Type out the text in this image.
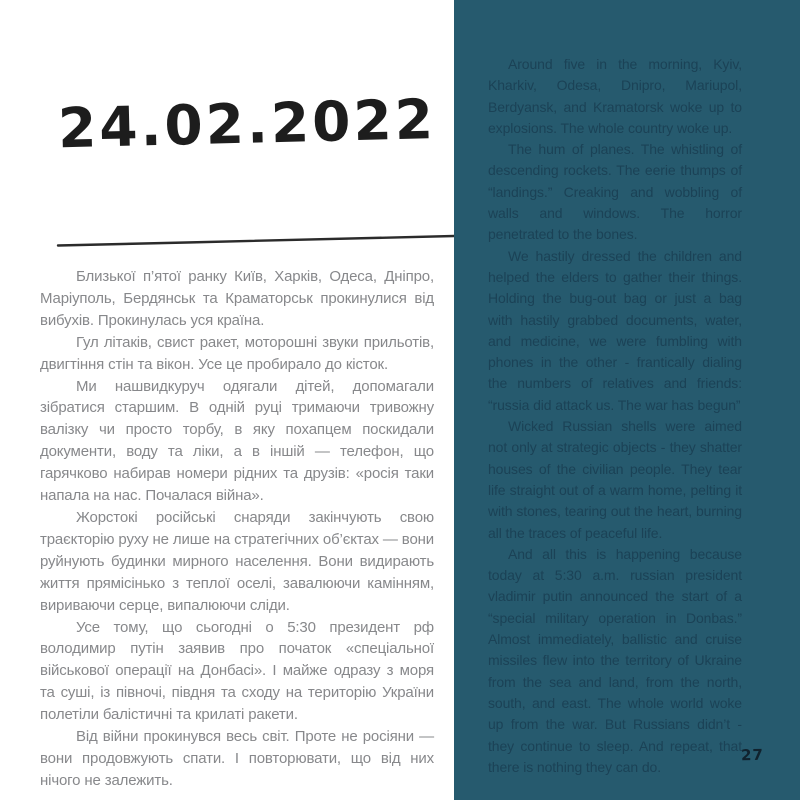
24.02.2022

Близької п’ятої ранку Київ, Харків, Одеса, Дніпро, Маріуполь, Бердянськ та Краматорськ прокинулися від вибухів. Прокинулась уся країна.

Гул літаків, свист ракет, моторошні звуки прильотів, двигтіння стін та вікон. Усе це пробирало до кісток.

Ми нашвидкуруч одягали дітей, допомагали зібратися старшим. В одній руці тримаючи тривожну валізку чи просто торбу, в яку похапцем поскидали документи, воду та ліки, а в іншій — телефон, що гарячково набирав номери рідних та друзів: «росія таки напала на нас. Почалася війна».

Жорстокі російські снаряди закінчують свою траєкторію руху не лише на стратегічних об’єктах — вони руйнують будинки мирного населення. Вони видирають життя прямісінько з теплої оселі, завалюючи камінням, вириваючи серце, випалюючи сліди.

Усе тому, що сьогодні о 5:30 президент рф володимир путін заявив про початок «спеціальної військової операції на Донбасі». І майже одразу з моря та суші, із півночі, півдня та сходу на територію України полетіли балістичні та крилаті ракети.

Від війни прокинувся весь світ. Проте не росіяни — вони продовжують спати. І повторювати, що від них нічого не залежить.

Around five in the morning, Kyiv, Kharkiv, Odesa, Dnipro, Mariupol, Berdyansk, and Kramatorsk woke up to explosions. The whole country woke up.

The hum of planes. The whistling of descending rockets. The eerie thumps of “landings.” Creaking and wobbling of walls and windows. The horror penetrated to the bones.

We hastily dressed the children and helped the elders to gather their things. Holding the bug-out bag or just a bag with hastily grabbed documents, water, and medicine, we were fumbling with phones in the other - frantically dialing the numbers of relatives and friends: “russia did attack us. The war has begun”

Wicked Russian shells were aimed not only at strategic objects - they shatter houses of the civilian people. They tear life straight out of a warm home, pelting it with stones, tearing out the heart, burning all the traces of peaceful life.

And all this is happening because today at 5:30 a.m. russian president vladimir putin announced the start of a “special military operation in Donbas.” Almost immediately, ballistic and cruise missiles flew into the territory of Ukraine from the sea and land, from the north, south, and east. The whole world woke up from the war. But Russians didn’t - they continue to sleep. And repeat, that there is nothing they can do.

27
